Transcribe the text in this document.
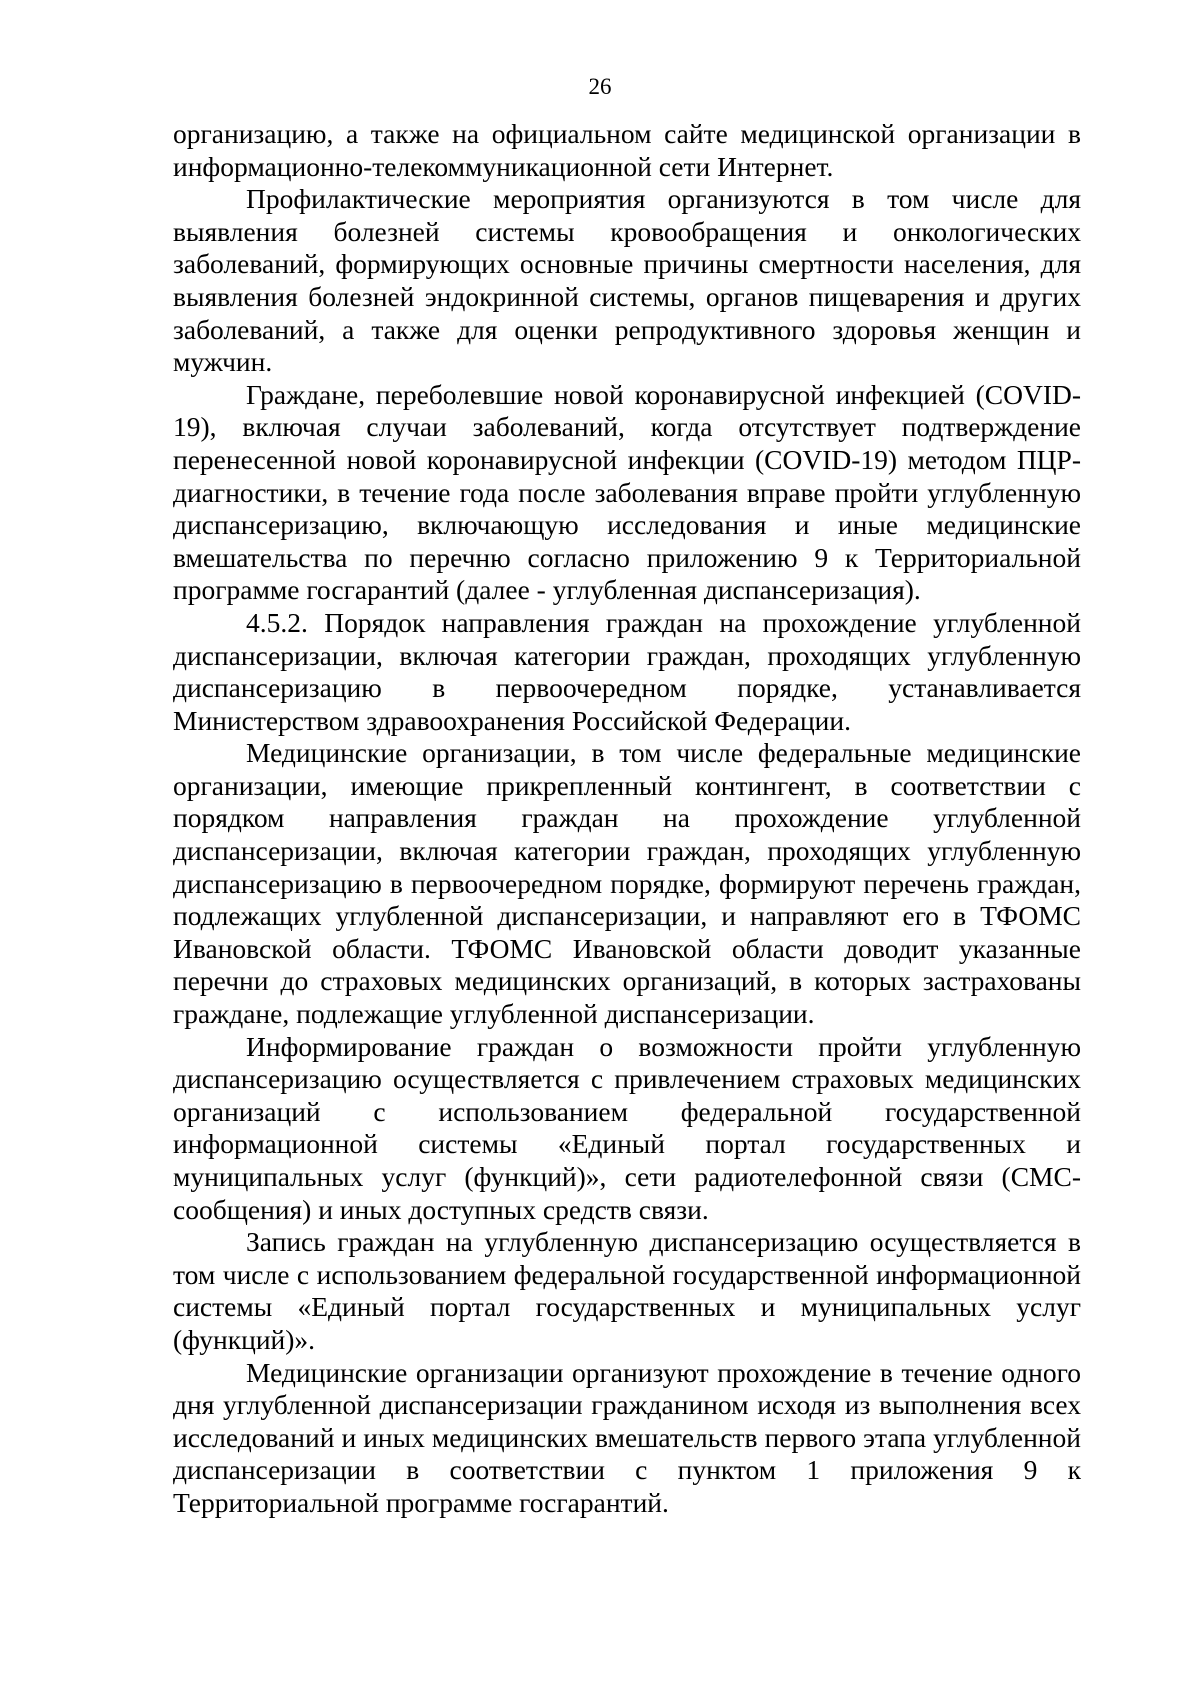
26

организацию, а также на официальном сайте медицинской организации в информационно-телекоммуникационной сети Интернет.

Профилактические мероприятия организуются в том числе для выявления болезней системы кровообращения и онкологических заболеваний, формирующих основные причины смертности населения, для выявления болезней эндокринной системы, органов пищеварения и других заболеваний, а также для оценки репродуктивного здоровья женщин и мужчин.

Граждане, переболевшие новой коронавирусной инфекцией (COVID-19), включая случаи заболеваний, когда отсутствует подтверждение перенесенной новой коронавирусной инфекции (COVID-19) методом ПЦР-диагностики, в течение года после заболевания вправе пройти углубленную диспансеризацию, включающую исследования и иные медицинские вмешательства по перечню согласно приложению 9 к Территориальной программе госгарантий (далее - углубленная диспансеризация).

4.5.2. Порядок направления граждан на прохождение углубленной диспансеризации, включая категории граждан, проходящих углубленную диспансеризацию в первоочередном порядке, устанавливается Министерством здравоохранения Российской Федерации.

Медицинские организации, в том числе федеральные медицинские организации, имеющие прикрепленный контингент, в соответствии с порядком направления граждан на прохождение углубленной диспансеризации, включая категории граждан, проходящих углубленную диспансеризацию в первоочередном порядке, формируют перечень граждан, подлежащих углубленной диспансеризации, и направляют его в ТФОМС Ивановской области. ТФОМС Ивановской области доводит указанные перечни до страховых медицинских организаций, в которых застрахованы граждане, подлежащие углубленной диспансеризации.

Информирование граждан о возможности пройти углубленную диспансеризацию осуществляется с привлечением страховых медицинских организаций с использованием федеральной государственной информационной системы «Единый портал государственных и муниципальных услуг (функций)», сети радиотелефонной связи (СМС-сообщения) и иных доступных средств связи.

Запись граждан на углубленную диспансеризацию осуществляется в том числе с использованием федеральной государственной информационной системы «Единый портал государственных и муниципальных услуг (функций)».

Медицинские организации организуют прохождение в течение одного дня углубленной диспансеризации гражданином исходя из выполнения всех исследований и иных медицинских вмешательств первого этапа углубленной диспансеризации в соответствии с пунктом 1 приложения 9 к Территориальной программе госгарантий.
